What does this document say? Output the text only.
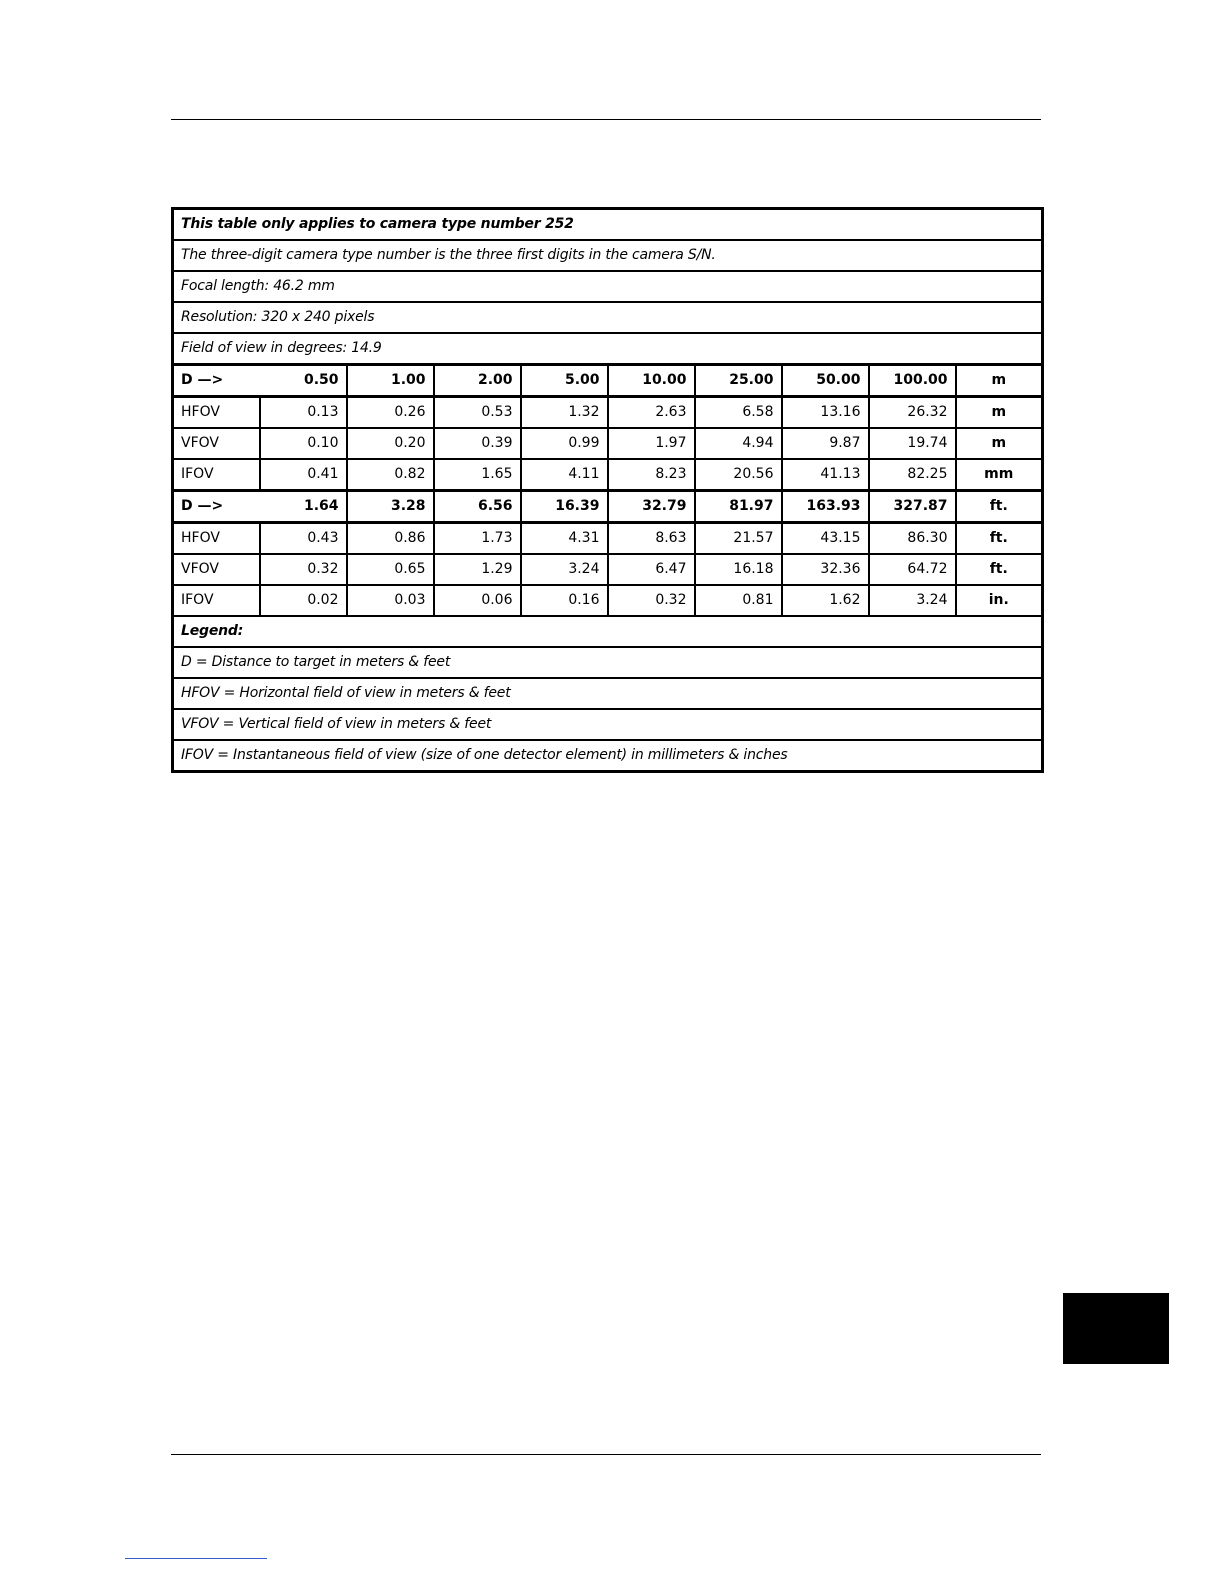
This table only applies to camera type number 252									
The three-digit camera type number is the three first digits in the camera S/N.									
Focal length: 46.2 mm									
Resolution: 320 x 240 pixels									
Field of view in degrees: 14.9									
D —>	0.50	1.00	2.00	5.00	10.00	25.00	50.00	100.00	m
HFOV	0.13	0.26	0.53	1.32	2.63	6.58	13.16	26.32	m
VFOV	0.10	0.20	0.39	0.99	1.97	4.94	9.87	19.74	m
IFOV	0.41	0.82	1.65	4.11	8.23	20.56	41.13	82.25	mm
D —>	1.64	3.28	6.56	16.39	32.79	81.97	163.93	327.87	ft.
HFOV	0.43	0.86	1.73	4.31	8.63	21.57	43.15	86.30	ft.
VFOV	0.32	0.65	1.29	3.24	6.47	16.18	32.36	64.72	ft.
IFOV	0.02	0.03	0.06	0.16	0.32	0.81	1.62	3.24	in.
Legend:									
D = Distance to target in meters & feet									
HFOV = Horizontal field of view in meters & feet									
VFOV = Vertical field of view in meters & feet									
IFOV = Instantaneous field of view (size of one detector element) in millimeters & inches									
